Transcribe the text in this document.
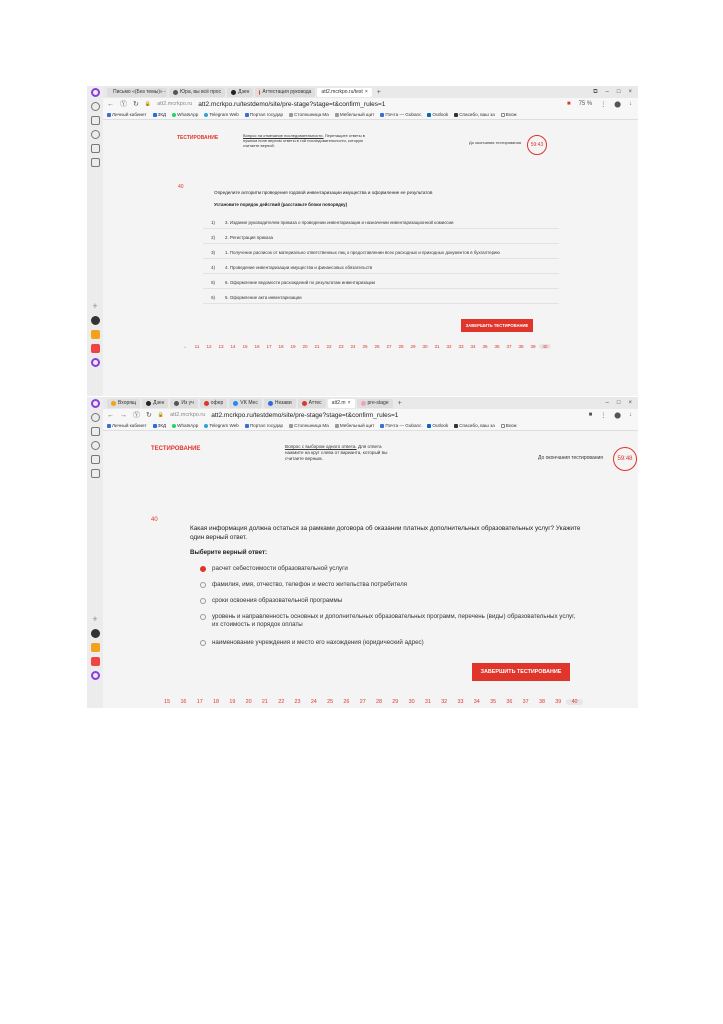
+
Письмо «(Без темы)» -	Юра, вы всё прос	Дзен	Аттестация руковода att2.mcrkpo.ru/test × +	⧉ – □ ×
← Ⓨ ↻ 🔒 att2.mcrkpo.ru att2.mcrkpo.ru/testdemo/site/pre-stage?stage=t&confirm_rules=1	■ 75 % ⋮ ⬤ ↓
Личный кабинет ЗКД WhatsApp Telegram Web Портал государ Столешница Ma Мебельный щит Почта — Gubanc Outlook Спасибо, ваш за Вхож
ТЕСТИРОВАНИЕ	Вопрос на отмечание последовательности. Перетащите ответы в нужном поле верхом ответы в той последовательности, которую считаете верной.
До окончания тестирования	59:43
40
Определите алгоритм проведения годовой инвентаризации имущества и оформление ее результатов
Установите порядок действий (расставьте блоки попорядку)
1) 3. Издание руководителем приказа о проведении инвентаризации и назначении инвентаризационной комиссии
2) 2. Регистрация приказа
3) 1. Получение расписок от материально ответственных лиц о предоставлении всех расходных и приходных документов в бухгалтерию
4) 4. Проведение инвентаризации имущества и финансовых обязательств
5) 6. Оформление ведомости расхождений по результатам инвентаризации
6) 5. Оформление акта инвентаризации
ЗАВЕРШИТЬ ТЕСТИРОВАНИЕ
←	11	12	13	14	15	16	17	18	19	20	21	22	23	24	25	26	27	28	29	30	31	32	33	34	35	36	37	38	39	40
+
Вхорящ	Дзен	Из уч	офер	VK Мес	Незави	Аттес att2.m ×	pre-stage +	– □ ×
← → Ⓨ ↻ 🔒 att2.mcrkpo.ru att2.mcrkpo.ru/testdemo/site/pre-stage?stage=t&confirm_rules=1	■ ⋮ ⬤ ↓
Личный кабинет ЗКД WhatsApp Telegram Web Портал государ Столешница Ma Мебельный щит Почта — Gubanc Outlook Спасибо, ваш за Вхож
ТЕСТИРОВАНИЕ	Вопрос с выбором одного ответа. Для ответа нажмите на круг слева от варианта, который вы считаете верным.	До окончания тестирования	59:48
40
Какая информация должна остаться за рамками договора об оказании платных дополнительных образовательных услуг? Укажите один верный ответ.
Выберите верный ответ:
расчет себестоимости образовательной услуги
фамилия, имя, отчество, телефон и место жительства потребителя
сроки освоения образовательной программы
уровень и направленность основных и дополнительных образовательных программ, перечень (виды) образовательных услуг, их стоимость и порядок оплаты
наименование учреждения и место его нахождения (юридический адрес)
ЗАВЕРШИТЬ ТЕСТИРОВАНИЕ
15	16	17	18	19	20	21	22	23	24	25	26	27	28	29	30	31	32	33	34	35	36	37	38	39	40
